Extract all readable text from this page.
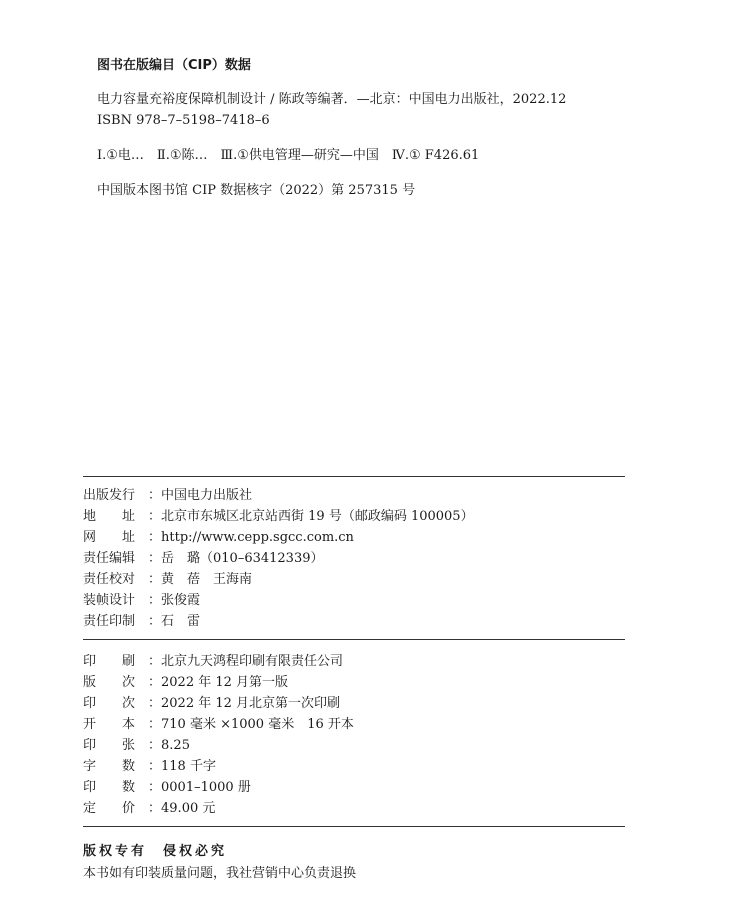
图书在版编目（CIP）数据
电力容量充裕度保障机制设计 / 陈政等编著．—北京：中国电力出版社，2022.12
ISBN 978–7–5198–7418–6
Ⅰ.①电…　Ⅱ.①陈…　Ⅲ.①供电管理—研究—中国　Ⅳ.① F426.61
中国版本图书馆 CIP 数据核字（2022）第 257315 号
出版发行 ：中国电力出版社
地　　址 ：北京市东城区北京站西街 19 号（邮政编码 100005）
网　　址 ：http://www.cepp.sgcc.com.cn
责任编辑 ：岳　璐（010–63412339）
责任校对 ：黄　蓓　王海南
装帧设计 ：张俊霞
责任印制 ：石　雷
印　　刷 ：北京九天鸿程印刷有限责任公司
版　　次 ：2022 年 12 月第一版
印　　次 ：2022 年 12 月北京第一次印刷
开　　本 ：710 毫米 ×1000 毫米　16 开本
印　　张 ：8.25
字　　数 ：118 千字
印　　数 ：0001–1000 册
定　　价 ：49.00 元
版权专有　侵权必究
本书如有印装质量问题，我社营销中心负责退换
